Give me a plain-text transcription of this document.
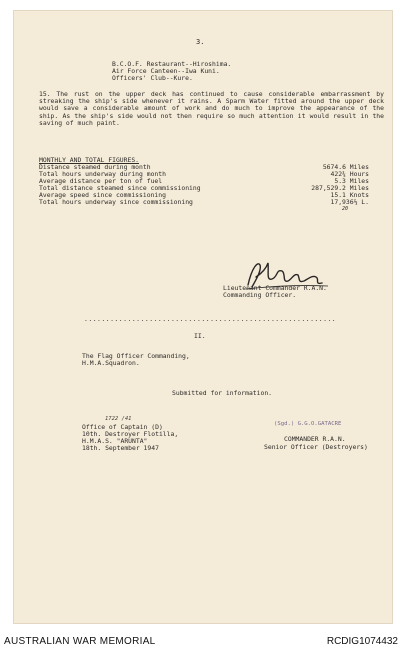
3.
B.C.O.F. Restaurant--Hiroshima.
Air Force Canteen--Iwa Kuni.
Officers' Club--Kure.
15. The rust on the upper deck has continued to cause considerable embarrassment by streaking the ship's side whenever it rains. A Sparm Water fitted around the upper deck would save a considerable amount of work and do much to improve the appearance of the ship. As the ship's side would not then require so much attention it would result in the saving of much paint.
MONTHLY AND TOTAL FIGURES.
Distance steamed during month	5674.6 Miles
Total hours underway during month	422¾ Hours
Average distance per ton of fuel	5.3 Miles
Total distance steamed since commissioning	287,529.2 Miles
Average speed since commissioning	15.1 Knots
Total hours underway since commissioning	17,936⅔ L.
20
Lieutenant Commander R.A.N.
Commanding Officer.
..........................................................
II.
The Flag Officer Commanding,
H.M.A.Squadron.
Submitted for information.
1722 /41
Office of Captain (D)
10th. Destroyer Flotilla,
H.M.A.S. "ARUNTA"
18th. September 1947
(Sgd.) G.G.O.GATACRE
COMMANDER R.A.N.
Senior Officer (Destroyers)
AUSTRALIAN WAR MEMORIAL	RCDIG1074432
